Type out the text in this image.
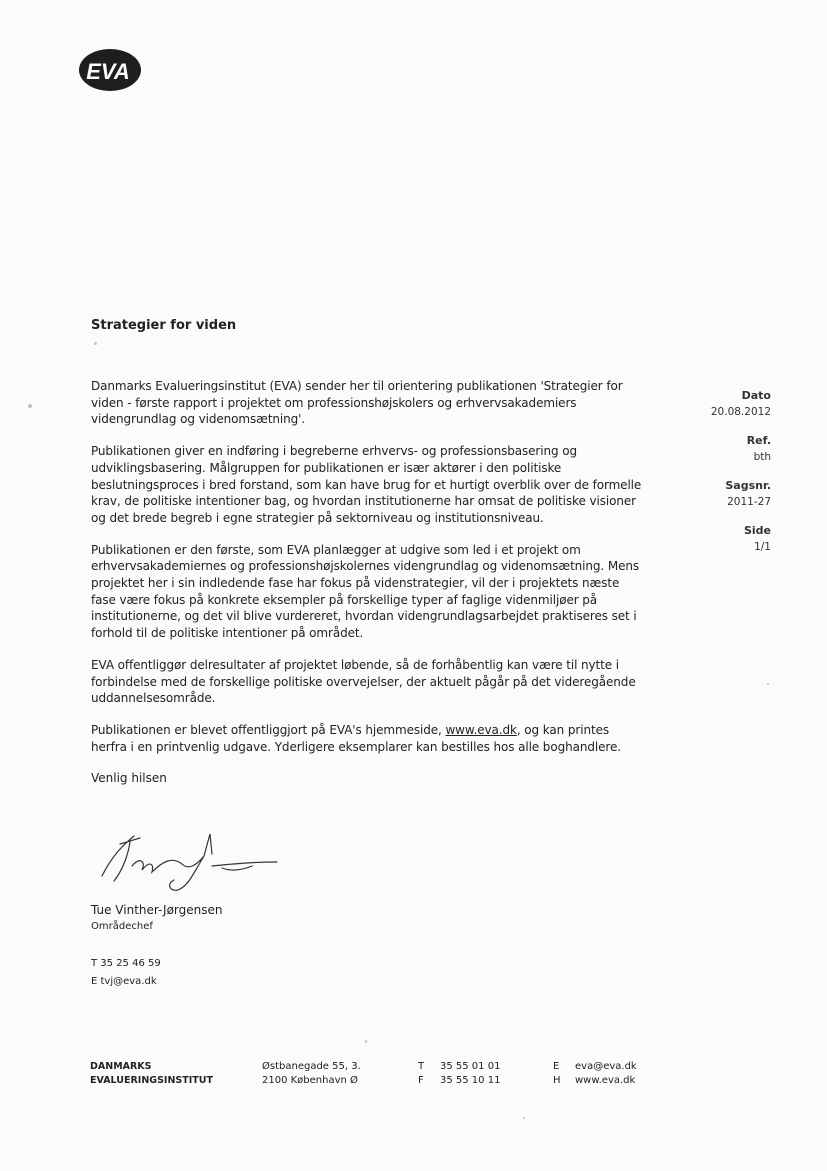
EVA
Strategier for viden

Danmarks Evalueringsinstitut (EVA) sender her til orientering publikationen 'Strategier for viden - første rapport i projektet om professionshøjskolers og erhvervsakademiers videngrundlag og videnomsætning'.

Publikationen giver en indføring i begreberne erhvervs- og professionsbasering og udviklingsbasering. Målgruppen for publikationen er især aktører i den politiske beslutningsproces i bred forstand, som kan have brug for et hurtigt overblik over de formelle krav, de politiske intentioner bag, og hvordan institutionerne har omsat de politiske visioner og det brede begreb i egne strategier på sektorniveau og institutionsniveau.

Publikationen er den første, som EVA planlægger at udgive som led i et projekt om erhvervsakademiernes og professionshøjskolernes videngrundlag og videnomsætning. Mens projektet her i sin indledende fase har fokus på videnstrategier, vil der i projektets næste fase være fokus på konkrete eksempler på forskellige typer af faglige videnmiljøer på institutionerne, og det vil blive vurdereret, hvordan videngrundlagsarbejdet praktiseres set i forhold til de politiske intentioner på området.

EVA offentliggør delresultater af projektet løbende, så de forhåbentlig kan være til nytte i forbindelse med de forskellige politiske overvejelser, der aktuelt pågår på det videregående uddannelsesområde.

Publikationen er blevet offentliggjort på EVA's hjemmeside, www.eva.dk, og kan printes herfra i en printvenlig udgave. Yderligere eksemplarer kan bestilles hos alle boghandlere.

Venlig hilsen

Tue Vinther-Jørgensen

Områdechef

T 35 25 46 59
E tvj@eva.dk
Dato
20.08.2012
Ref.
bth
Sagsnr.
2011-27
Side
1/1
DANMARKS
EVALUERINGSINSTITUT
Østbanegade 55, 3.
2100 København Ø
T 35 55 01 01
F 35 55 10 11
E eva@eva.dk
H www.eva.dk
